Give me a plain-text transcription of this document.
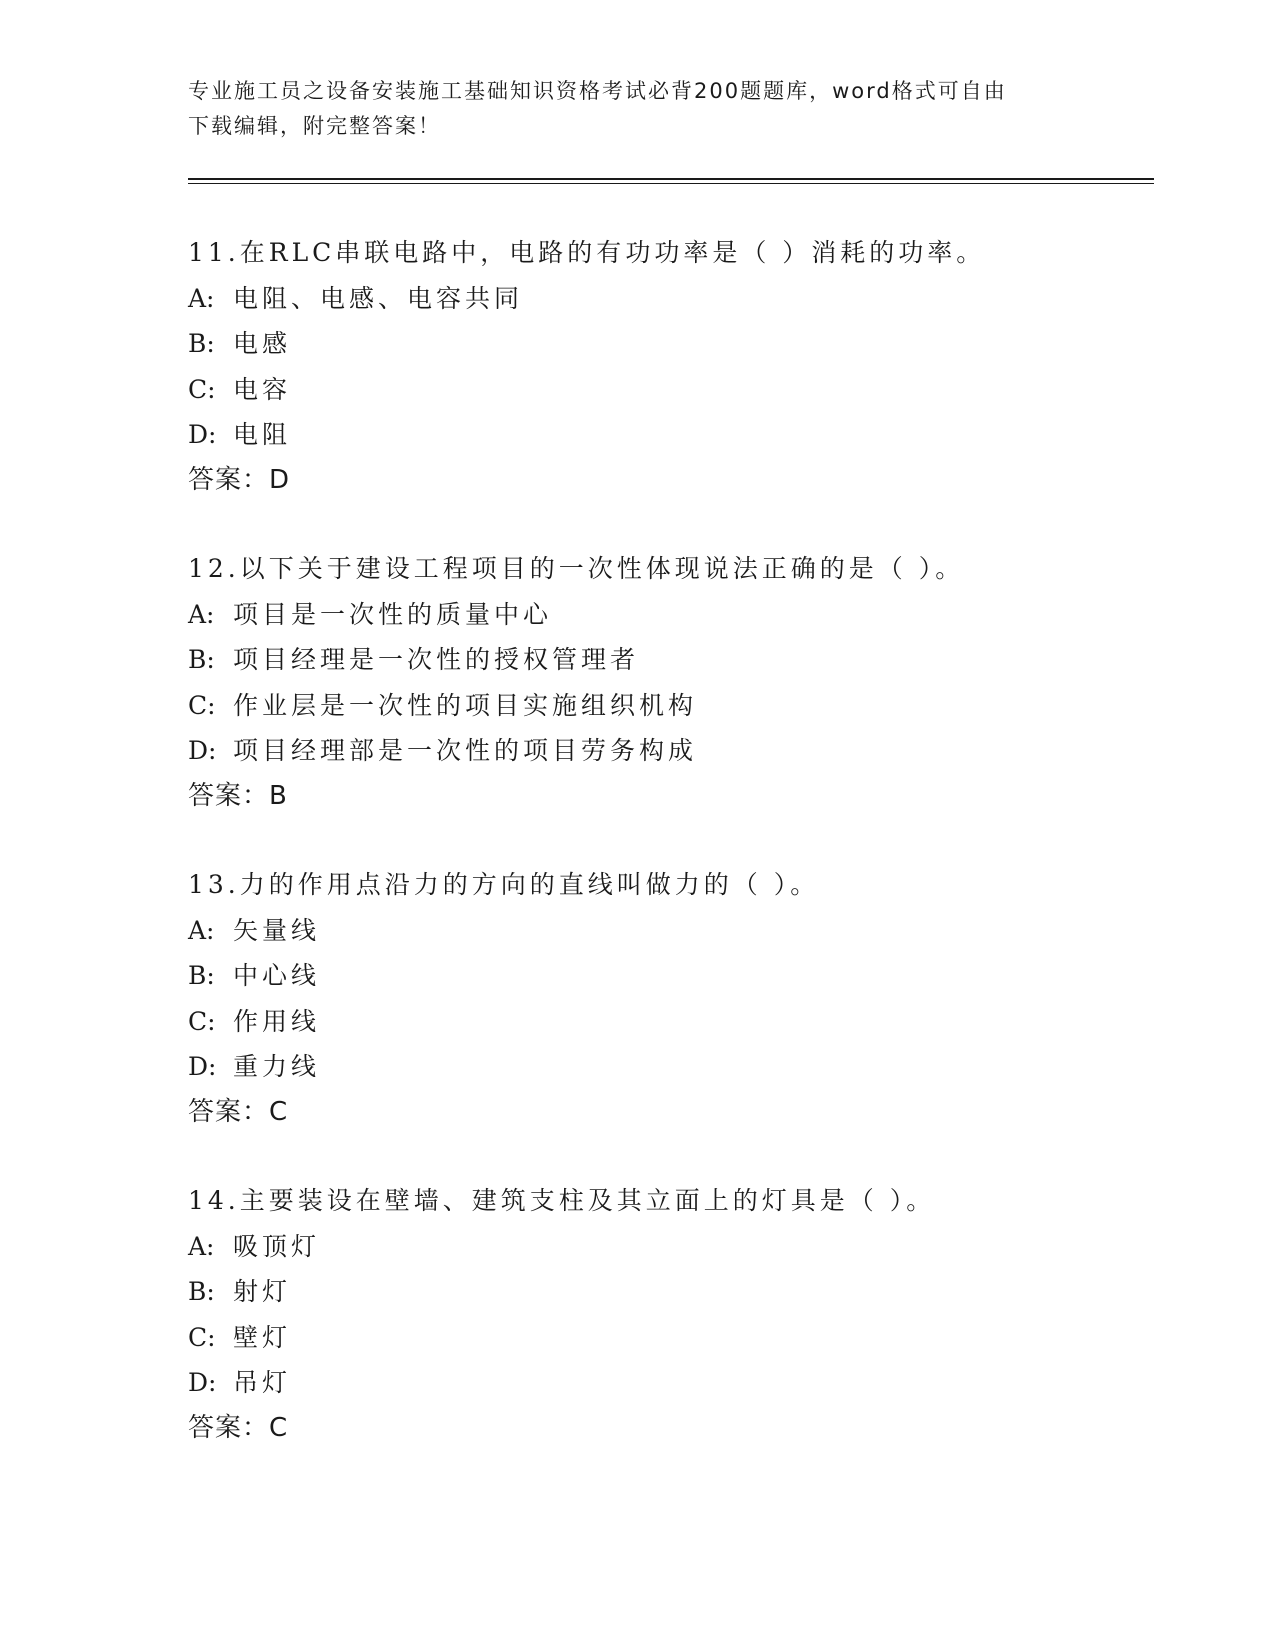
专业施工员之设备安装施工基础知识资格考试必背200题题库，word格式可自由
下载编辑，附完整答案！
11.在RLC串联电路中，电路的有功功率是（ ）消耗的功率。
A: 电阻、电感、电容共同
B: 电感
C: 电容
D: 电阻
答案：D
12.以下关于建设工程项目的一次性体现说法正确的是（ ）。
A: 项目是一次性的质量中心
B: 项目经理是一次性的授权管理者
C: 作业层是一次性的项目实施组织机构
D: 项目经理部是一次性的项目劳务构成
答案：B
13.力的作用点沿力的方向的直线叫做力的（ ）。
A: 矢量线
B: 中心线
C: 作用线
D: 重力线
答案：C
14.主要装设在壁墙、建筑支柱及其立面上的灯具是（ ）。
A: 吸顶灯
B: 射灯
C: 壁灯
D: 吊灯
答案：C
